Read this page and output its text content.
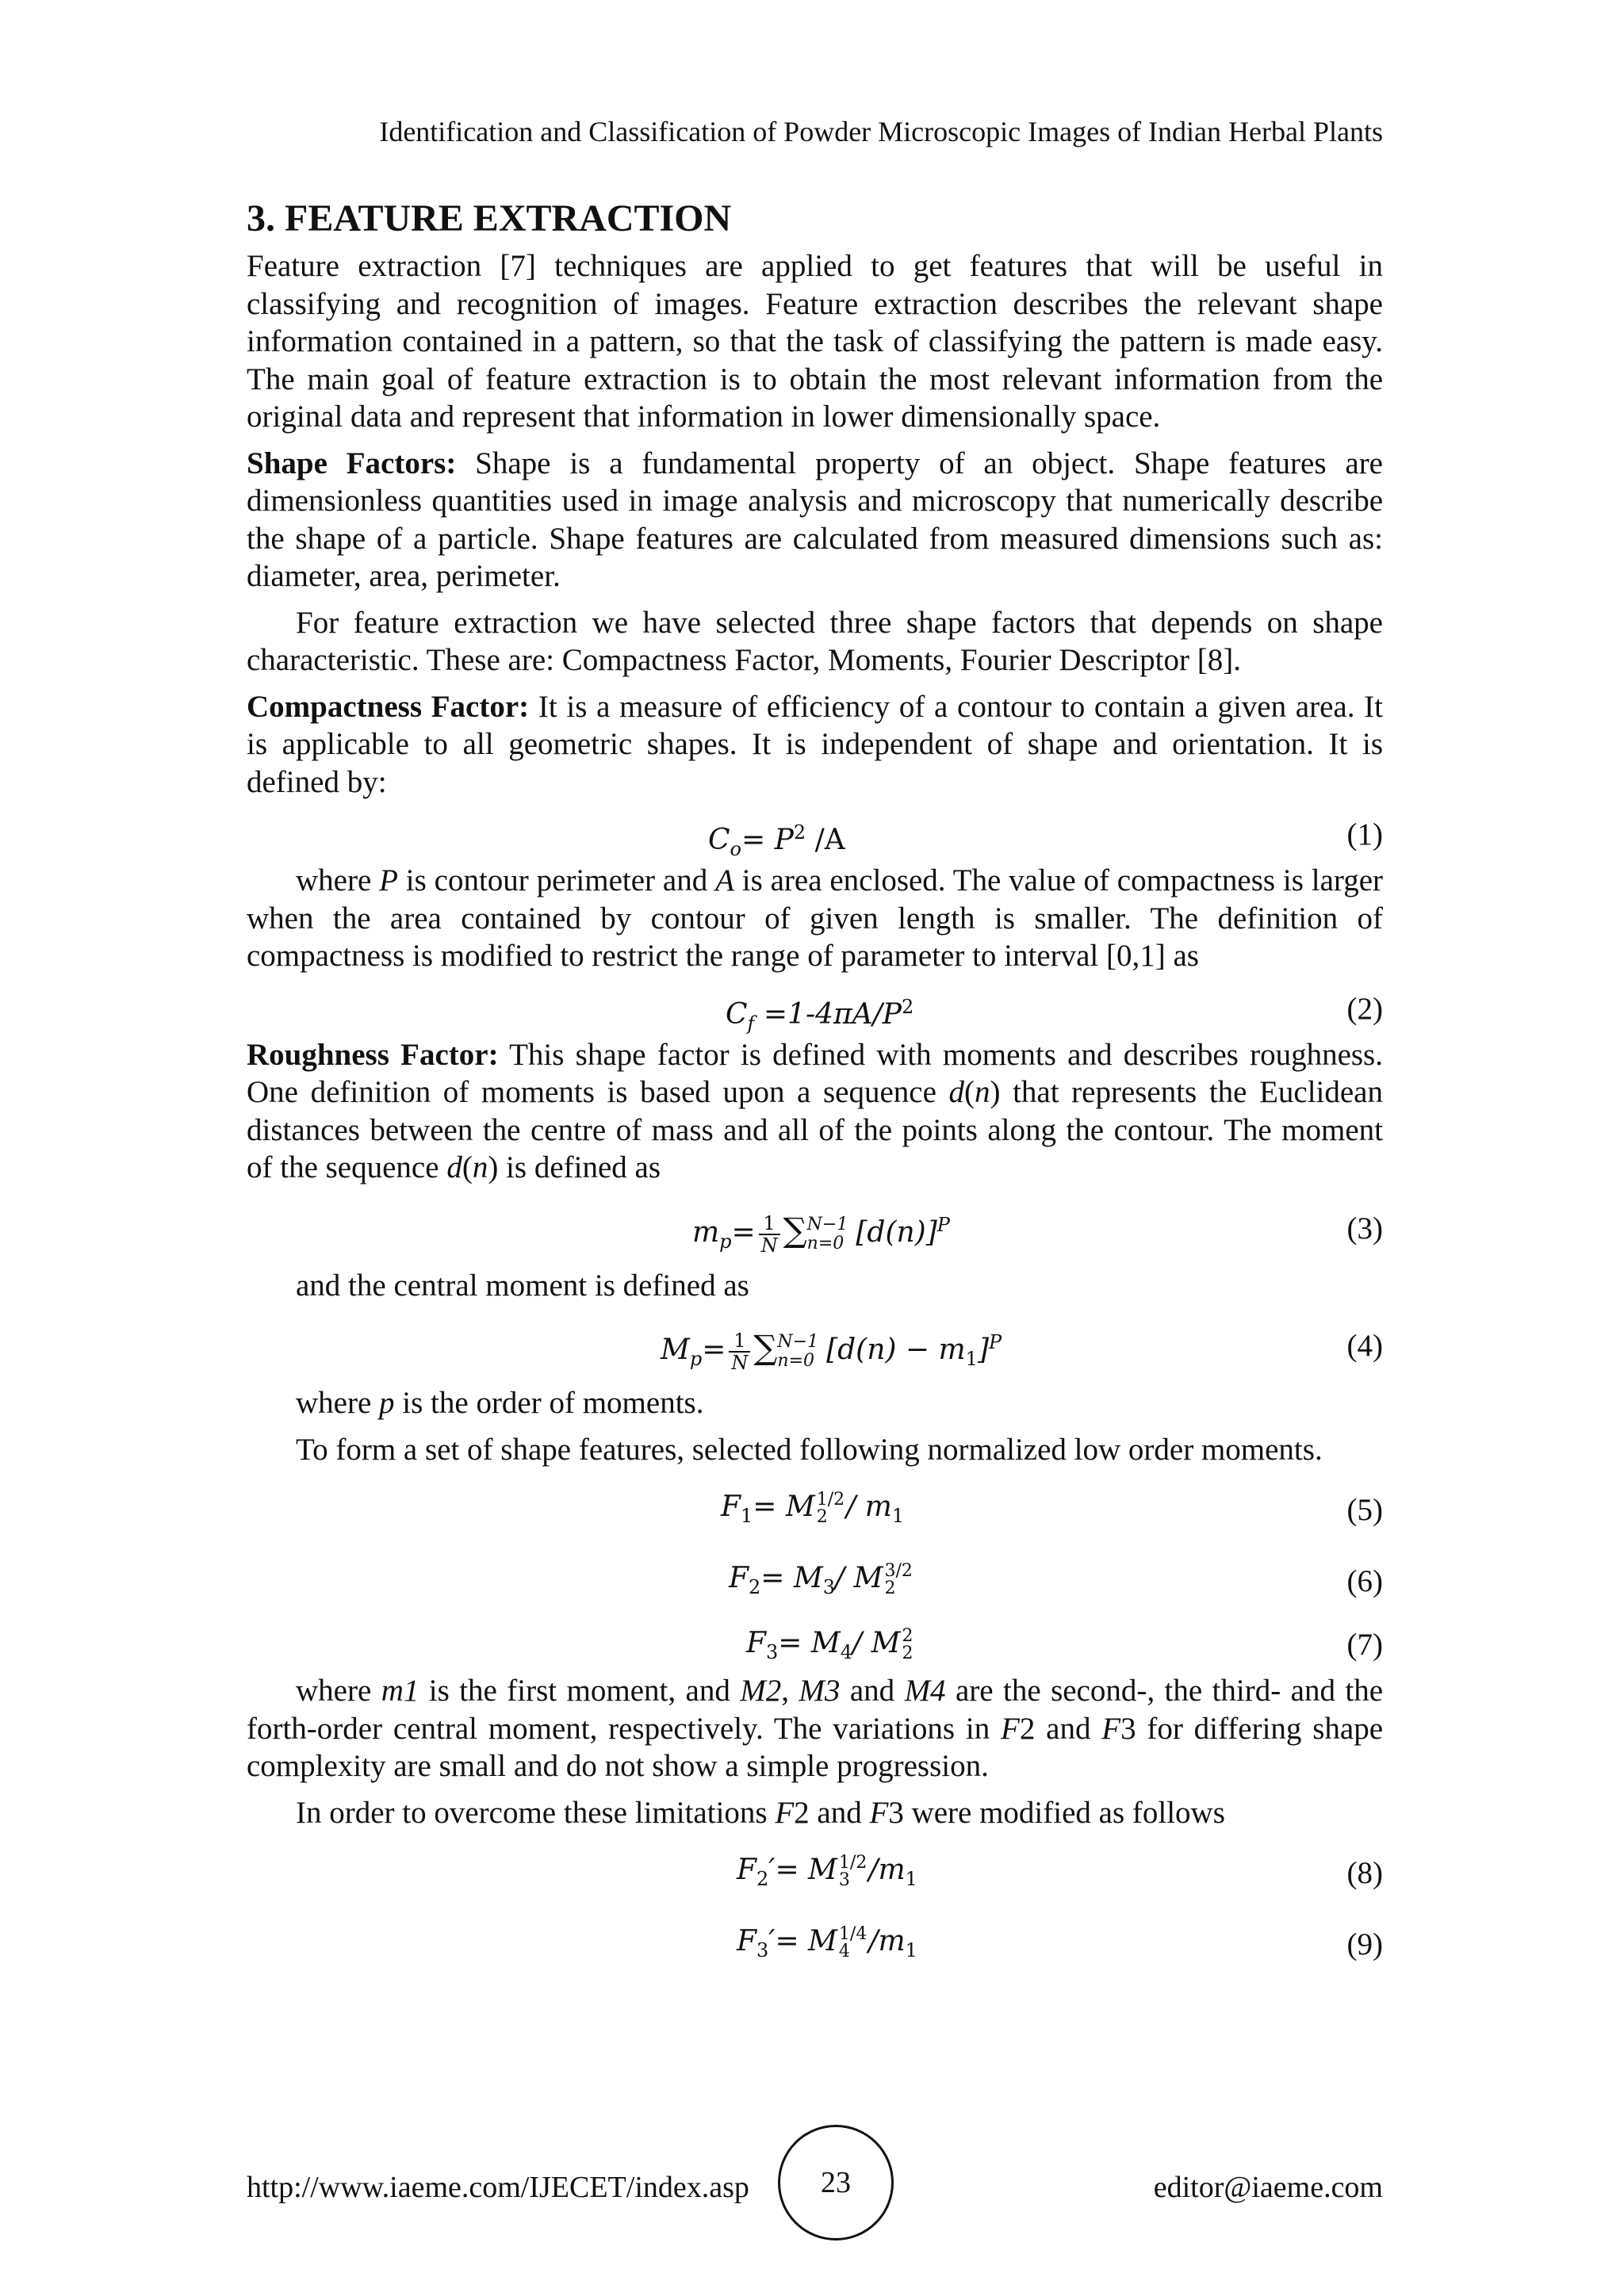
Identification and Classification of Powder Microscopic Images of Indian Herbal Plants
3. FEATURE EXTRACTION

Feature extraction [7] techniques are applied to get features that will be useful in classifying and recognition of images. Feature extraction describes the relevant shape information contained in a pattern, so that the task of classifying the pattern is made easy. The main goal of feature extraction is to obtain the most relevant information from the original data and represent that information in lower dimensionally space.

Shape Factors: Shape is a fundamental property of an object. Shape features are dimensionless quantities used in image analysis and microscopy that numerically describe the shape of a particle. Shape features are calculated from measured dimensions such as: diameter, area, perimeter.

For feature extraction we have selected three shape factors that depends on shape characteristic. These are: Compactness Factor, Moments, Fourier Descriptor [8].

Compactness Factor: It is a measure of efficiency of a contour to contain a given area. It is applicable to all geometric shapes. It is independent of shape and orientation. It is defined by:

$C_o= P^2$ /A	(1)

where P is contour perimeter and A is area enclosed. The value of compactness is larger when the area contained by contour of given length is smaller. The definition of compactness is modified to restrict the range of parameter to interval [0,1] as

$C_f =1-4\pi A/P^2$	(2)

Roughness Factor: This shape factor is defined with moments and describes roughness. One definition of moments is based upon a sequence d(n) that represents the Euclidean distances between the centre of mass and all of the points along the contour. The moment of the sequence d(n) is defined as

$m_p= \frac{1}{N}$ ∑ N−1
n=0 $[d(n)]^P$	(3)

and the central moment is defined as

$M_p= \frac{1}{N}$ ∑ N−1
n=0 $[d(n) - m_1]^P$	(4)

where p is the order of moments.

To form a set of shape features, selected following normalized low order moments.

$F_1= M$ 1/2
$2 / m_1$	(5)
$F_2= M_3/$ M 3/2
2	(6)
$F_3= M_4/$ M 2
2	(7)

where m1 is the first moment, and M2, M3 and M4 are the second-, the third- and the forth-order central moment, respectively. The variations in F2 and F3 for differing shape complexity are small and do not show a simple progression.

In order to overcome these limitations F2 and F3 were modified as follows

$F_2'= M$ 1/2
3 $/m_1$	(8)
$F_3'= M$ 1/4
4 $/m_1$	(9)
http://www.iaeme.com/IJECET/index.asp	23	editor@iaeme.com
